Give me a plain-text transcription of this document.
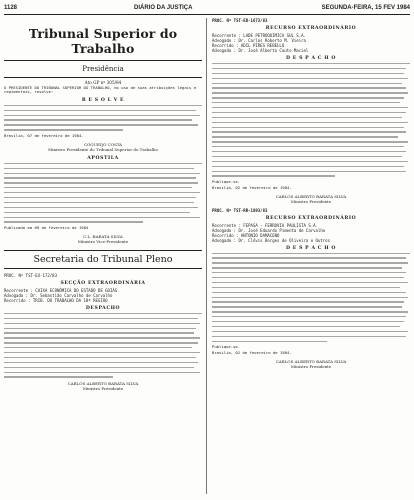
1128	DIÁRIO DA JUSTIÇA	SEGUNDA-FEIRA, 15 FEV 1984
Tribunal Superior do Trabalho
Presidência
Ato GP nº 305/84
O PRESIDENTE DO TRIBUNAL SUPERIOR DO TRABALHO, no uso de suas atribuições legais e regimentais, resolve:
R E S O L V E
Brasília, 07 de fevereiro de 1984.
COQUEIJO COSTA
Ministro Presidente do Tribunal Superior do Trabalho
APOSTILA
Publicado em 09 de fevereiro de 1984
C.L. BARATA SILVA
Ministro Vice-Presidente
Secretaria do Tribunal Pleno
PROC. Nº TST-EX-172/83
SECÇÃO EXTRAORDINÁRIA
Recorrente : CAIXA ECONÔMICA DO ESTADO DE GOIÁS
Advogado : Dr. Sebastião Carvalho de Carvalho
Recorrido : TRIB. DO TRABALHO DA 18ª REGIÃO
DESPACHO
CARLOS ALBERTO BARATA SILVA
Ministro Presidente
PROC. Nº TST-ED-1673/83
RECURSO EXTRAORDINÁRIO
Recorrente : LADE PETROQUIMICA SUL S.A.
Advogado : Dr. Carlos Roberto M. Vieira
Recorrido : ADIL PIRES REBELLO
Advogado : Dr. José Alberto Couto Maciel
D E S P A C H O
Publique-se.
Brasília, 02 de fevereiro de 1984.
CARLOS ALBERTO BARATA SILVA
Ministro Presidente
PROC. Nº TST-RR-1893/83
RECURSO EXTRAORDINÁRIO
Recorrente : FEPASA - FERROVIA PAULISTA S.A.
Advogado : Dr. José Eduardo Pimenta de Carvalho
Recorrido : ANTONIO DAMACENO
Advogado : Dr. Clóvis Borges de Oliveira e Outros
D E S P A C H O
Publique-se.
Brasília, 02 de fevereiro de 1984.
CARLOS ALBERTO BARATA SILVA
Ministro Presidente
